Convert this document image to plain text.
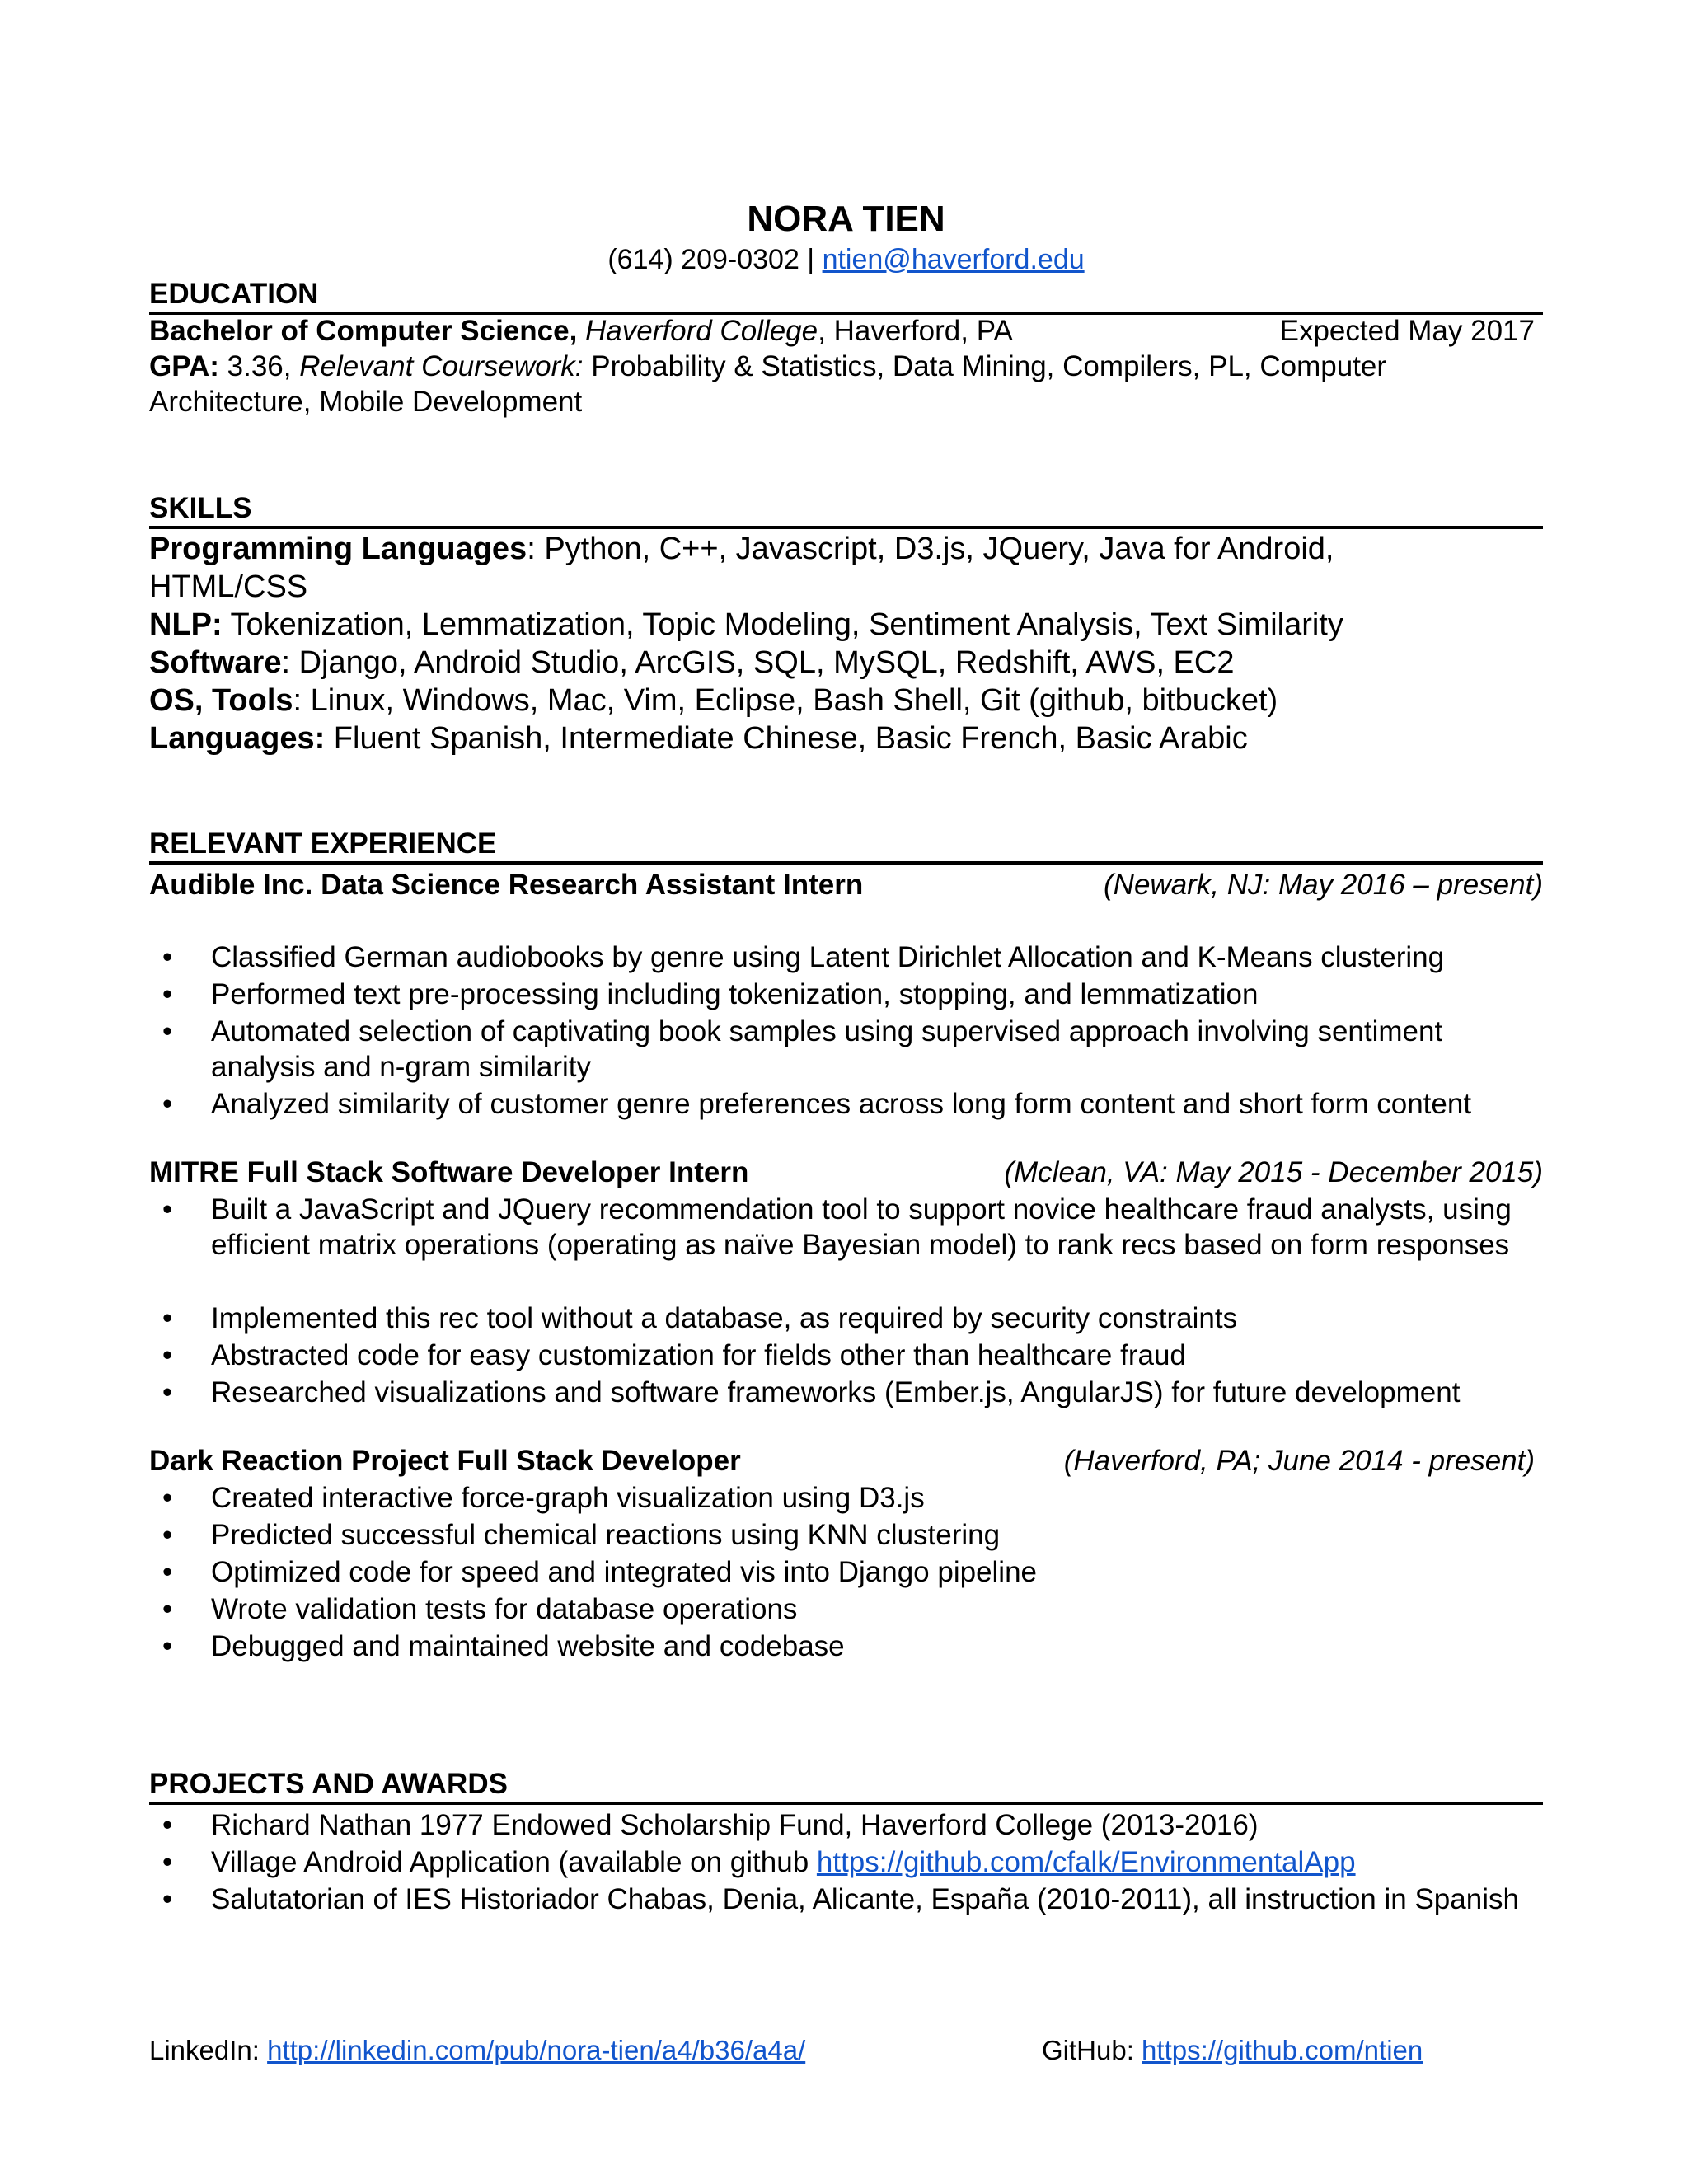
NORA TIEN
(614) 209-0302 | ntien@haverford.edu
EDUCATION
Bachelor of Computer Science, Haverford College, Haverford, PA	Expected May 2017
GPA: 3.36, Relevant Coursework: Probability & Statistics, Data Mining, Compilers, PL, Computer
Architecture, Mobile Development
SKILLS
Programming Languages: Python, C++, Javascript, D3.js, JQuery, Java for Android,
HTML/CSS
NLP: Tokenization, Lemmatization, Topic Modeling, Sentiment Analysis, Text Similarity
Software: Django, Android Studio, ArcGIS, SQL, MySQL, Redshift, AWS, EC2
OS, Tools: Linux, Windows, Mac, Vim, Eclipse, Bash Shell, Git (github, bitbucket)
Languages: Fluent Spanish, Intermediate Chinese, Basic French, Basic Arabic
RELEVANT EXPERIENCE
Audible Inc. Data Science Research Assistant Intern	(Newark, NJ: May 2016 – present)
• Classified German audiobooks by genre using Latent Dirichlet Allocation and K-Means clustering
• Performed text pre-processing including tokenization, stopping, and lemmatization
• Automated selection of captivating book samples using supervised approach involving sentiment analysis and n-gram similarity
• Analyzed similarity of customer genre preferences across long form content and short form content
MITRE Full Stack Software Developer Intern	(Mclean, VA: May 2015 - December 2015)
• Built a JavaScript and JQuery recommendation tool to support novice healthcare fraud analysts, using efficient matrix operations (operating as naïve Bayesian model) to rank recs based on form responses
• Implemented this rec tool without a database, as required by security constraints
• Abstracted code for easy customization for fields other than healthcare fraud
• Researched visualizations and software frameworks (Ember.js, AngularJS) for future development
Dark Reaction Project Full Stack Developer	(Haverford, PA; June 2014 - present)
• Created interactive force-graph visualization using D3.js
• Predicted successful chemical reactions using KNN clustering
• Optimized code for speed and integrated vis into Django pipeline
• Wrote validation tests for database operations
• Debugged and maintained website and codebase
PROJECTS AND AWARDS
• Richard Nathan 1977 Endowed Scholarship Fund, Haverford College (2013-2016)
• Village Android Application (available on github https://github.com/cfalk/EnvironmentalApp
• Salutatorian of IES Historiador Chabas, Denia, Alicante, España (2010-2011), all instruction in Spanish
LinkedIn: http://linkedin.com/pub/nora-tien/a4/b36/a4a/	GitHub: https://github.com/ntien
